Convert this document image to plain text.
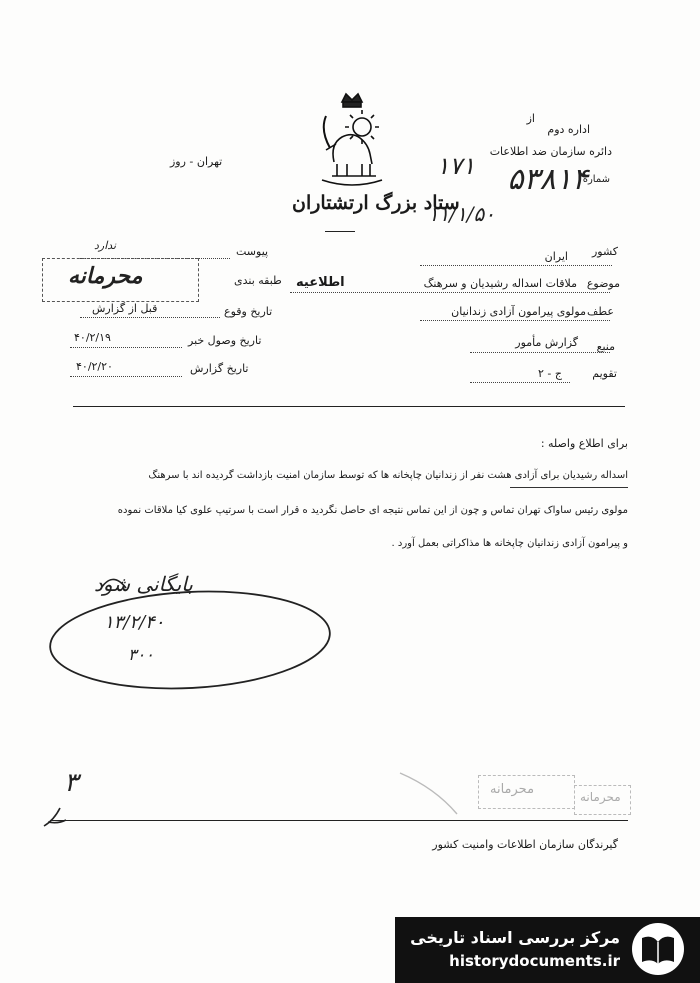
از
اداره دوم
دائره سازمان ضد اطلاعات
شماره
۵۳۸۱۴
۱۷۱
۱۱/۱/۵۰
تهران - روز
ستاد بزرگ ارتشتاران
پیوست
ندارد
طبقه بندی
محرمانه
تاریخ وقوع
قبل از گزارش
تاریخ وصول خبر
۴۰/۲/۱۹
تاریخ گزارش
۴۰/۲/۲۰
کشور
ایران
موضوع
ملاقات اسداله رشیدیان و سرهنگ
اطلاعیه
عطف
مولوی پیرامون آزادی زندانیان
منبع
گزارش مأمور
تقویم
ج - ۲
برای اطلاع واصله :
اسداله رشیدیان برای آزادی هشت نفر از زندانیان چاپخانه ها که توسط سازمان امنیت بازداشت گردیده اند با سرهنگ
مولوی رئیس ساواک تهران تماس و چون از این تماس نتیجه ای حاصل نگردید ه قرار است با سرتیپ علوی کیا ملاقات نموده
و پیرامون آزادی زندانیان چاپخانه ها مذاکراتی بعمل آورد .
بایگانی شود
۱۳/۲/۴۰
۳۰۰
۳	محرمانه	محرمانه
گیرندگان سازمان اطلاعات وامنیت کشور
مرکز بررسی اسناد تاریخی
historydocuments.ir
